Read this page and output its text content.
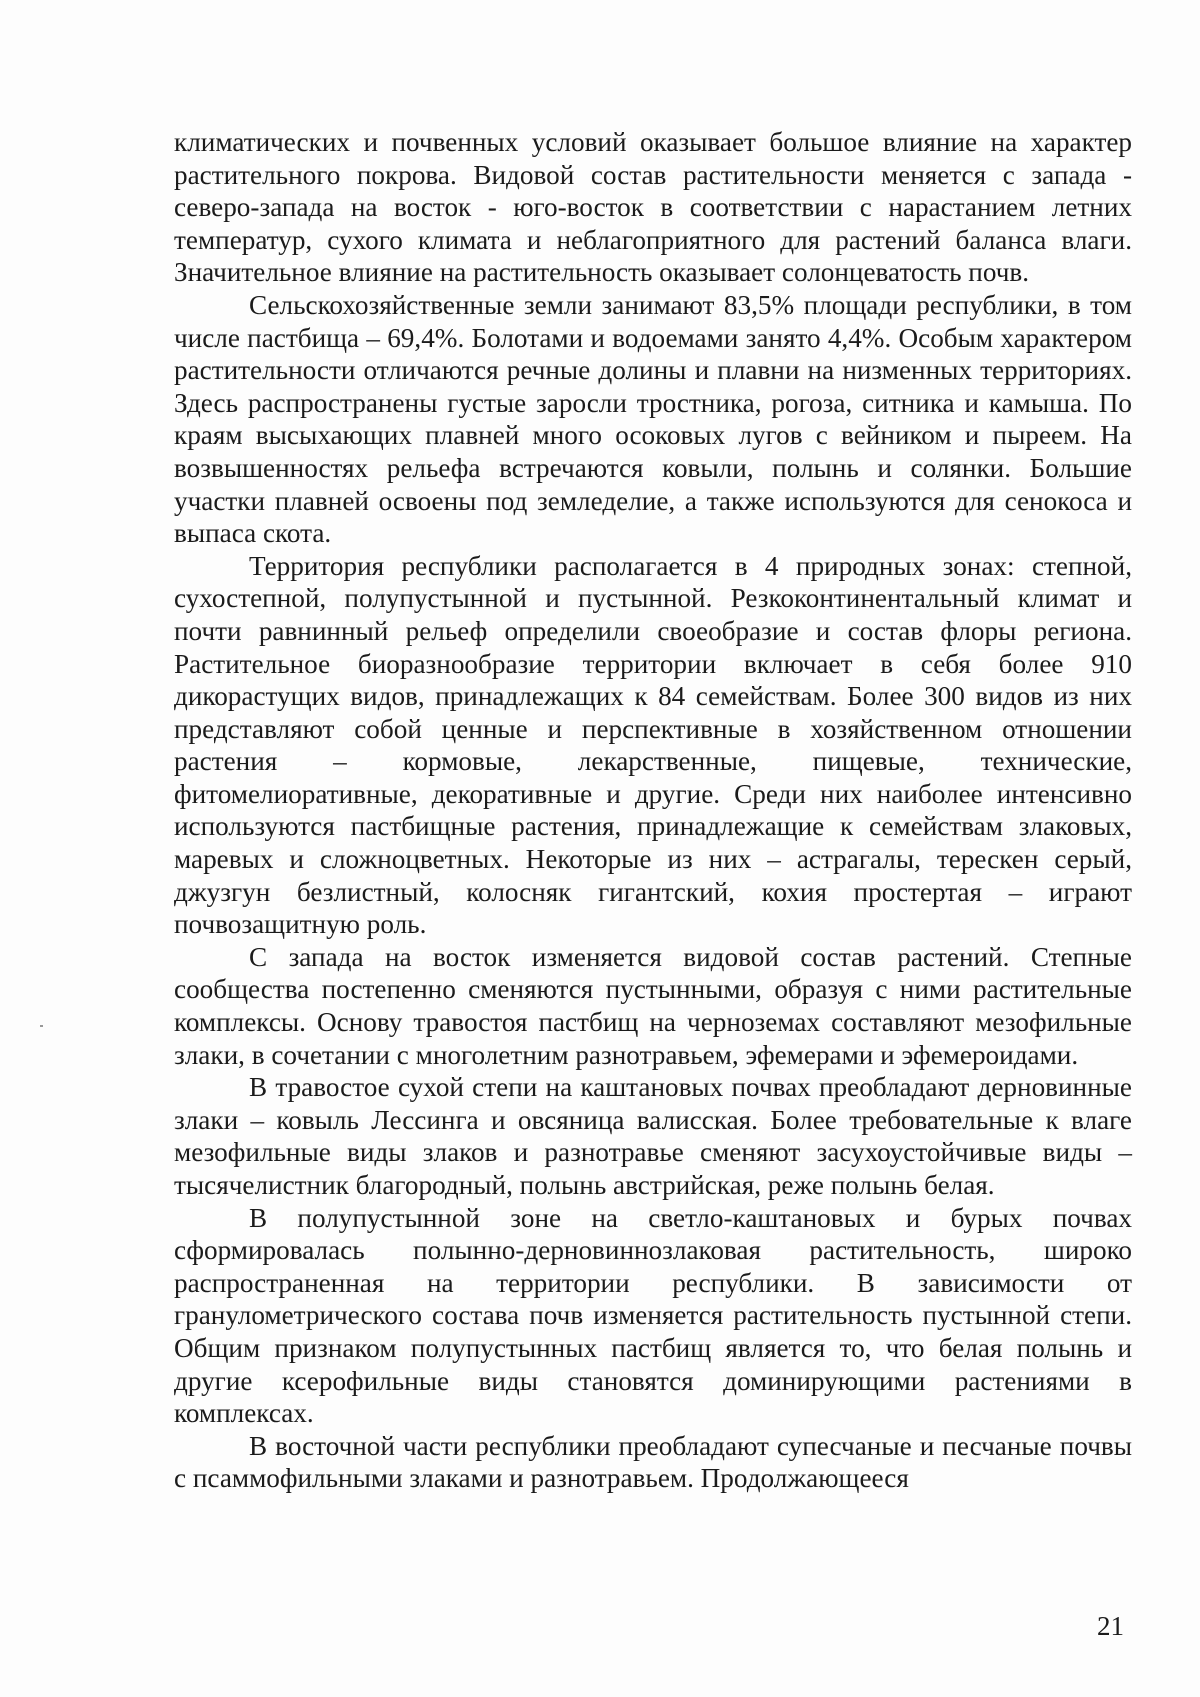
климатических и почвенных условий оказывает большое влияние на характер растительного покрова. Видовой состав растительности меняется с запада - северо-запада на восток - юго-восток в соответствии с нарастанием летних температур, сухого климата и неблагоприятного для растений баланса влаги. Значительное влияние на растительность оказывает солонцеватость почв.

Сельскохозяйственные земли занимают 83,5% площади республики, в том числе пастбища – 69,4%. Болотами и водоемами занято 4,4%. Особым характером растительности отличаются речные долины и плавни на низменных территориях. Здесь распространены густые заросли тростника, рогоза, ситника и камыша. По краям высыхающих плавней много осоковых лугов с вейником и пыреем. На возвышенностях рельефа встречаются ковыли, полынь и солянки. Большие участки плавней освоены под земледелие, а также используются для сенокоса и выпаса скота.

Территория республики располагается в 4 природных зонах: степной, сухостепной, полупустынной и пустынной. Резкоконтинентальный климат и почти равнинный рельеф определили своеобразие и состав флоры региона. Растительное биоразнообразие территории включает в себя более 910 дикорастущих видов, принадлежащих к 84 семействам. Более 300 видов из них представляют собой ценные и перспективные в хозяйственном отношении растения – кормовые, лекарственные, пищевые, технические, фитомелиоративные, декоративные и другие. Среди них наиболее интенсивно используются пастбищные растения, принадлежащие к семействам злаковых, маревых и сложноцветных. Некоторые из них – астрагалы, терескен серый, джузгун безлистный, колосняк гигантский, кохия простертая – играют почвозащитную роль.

С запада на восток изменяется видовой состав растений. Степные сообщества постепенно сменяются пустынными, образуя с ними растительные комплексы. Основу травостоя пастбищ на черноземах составляют мезофильные злаки, в сочетании с многолетним разнотравьем, эфемерами и эфемероидами.

В травостое сухой степи на каштановых почвах преобладают дерновинные злаки – ковыль Лессинга и овсяница валисская. Более требовательные к влаге мезофильные виды злаков и разнотравье сменяют засухоустойчивые виды – тысячелистник благородный, полынь австрийская, реже полынь белая.

В полупустынной зоне на светло-каштановых и бурых почвах сформировалась полынно-дерновиннозлаковая растительность, широко распространенная на территории республики. В зависимости от гранулометрического состава почв изменяется растительность пустынной степи. Общим признаком полупустынных пастбищ является то, что белая полынь и другие ксерофильные виды становятся доминирующими растениями в комплексах.

В восточной части республики преобладают супесчаные и песчаные почвы с псаммофильными злаками и разнотравьем. Продолжающееся

21
